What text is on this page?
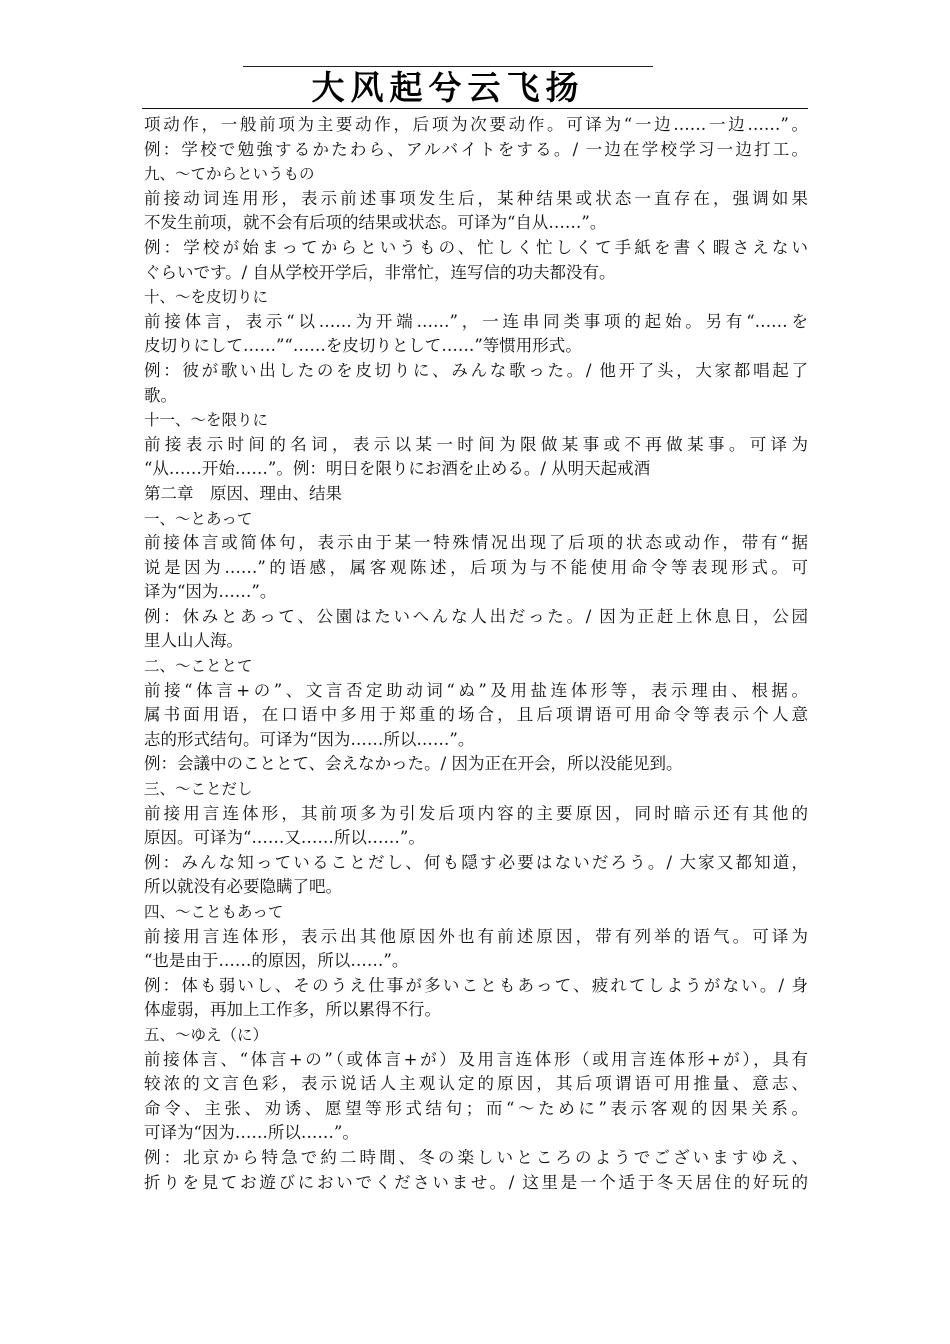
大风起兮云飞扬
项动作，一般前项为主要动作，后项为次要动作。可译为“一边……一边……”。
例：学校で勉強するかたわら、アルバイトをする。/ 一边在学校学习一边打工。
九、～てからというもの
前接动词连用形，表示前述事项发生后，某种结果或状态一直存在，强调如果
不发生前项，就不会有后项的结果或状态。可译为“自从……”。
例：学校が始まってからというもの、忙しく忙しくて手紙を書く暇さえない
ぐらいです。/ 自从学校开学后，非常忙，连写信的功夫都没有。
十、～を皮切りに
前接体言，表示“以……为开端……”，一连串同类事项的起始。另有“……を
皮切りにして……”“……を皮切りとして……”等惯用形式。
例：彼が歌い出したのを皮切りに、みんな歌った。/ 他开了头，大家都唱起了
歌。
十一、～を限りに
前接表示时间的名词，表示以某一时间为限做某事或不再做某事。可译为
“从……开始……”。例：明日を限りにお酒を止める。/ 从明天起戒酒
第二章　原因、理由、结果
一、～とあって
前接体言或简体句，表示由于某一特殊情况出现了后项的状态或动作，带有“据
说是因为……”的语感，属客观陈述，后项为与不能使用命令等表现形式。可
译为“因为……”。
例：休みとあって、公園はたいへんな人出だった。/ 因为正赶上休息日，公园
里人山人海。
二、～こととて
前接“体言+の”、文言否定助动词“ぬ”及用盐连体形等，表示理由、根据。
属书面用语，在口语中多用于郑重的场合，且后项谓语可用命令等表示个人意
志的形式结句。可译为“因为……所以……”。
例：会議中のこととて、会えなかった。/ 因为正在开会，所以没能见到。
三、～ことだし
前接用言连体形，其前项多为引发后项内容的主要原因，同时暗示还有其他的
原因。可译为“……又……所以……”。
例：みんな知っていることだし、何も隠す必要はないだろう。/ 大家又都知道，
所以就没有必要隐瞒了吧。
四、～こともあって
前接用言连体形，表示出其他原因外也有前述原因，带有列举的语气。可译为
“也是由于……的原因，所以……”。
例：体も弱いし、そのうえ仕事が多いこともあって、疲れてしようがない。/ 身
体虚弱，再加上工作多，所以累得不行。
五、～ゆえ（に）
前接体言、“体言+の”（或体言+が）及用言连体形（或用言连体形+が），具有
较浓的文言色彩，表示说话人主观认定的原因，其后项谓语可用推量、意志、
命令、主张、劝诱、愿望等形式结句；而“～ために”表示客观的因果关系。
可译为“因为……所以……”。
例：北京から特急で約二時間、冬の楽しいところのようでございますゆえ、
折りを見てお遊びにおいでくださいませ。/ 这里是一个适于冬天居住的好玩的
